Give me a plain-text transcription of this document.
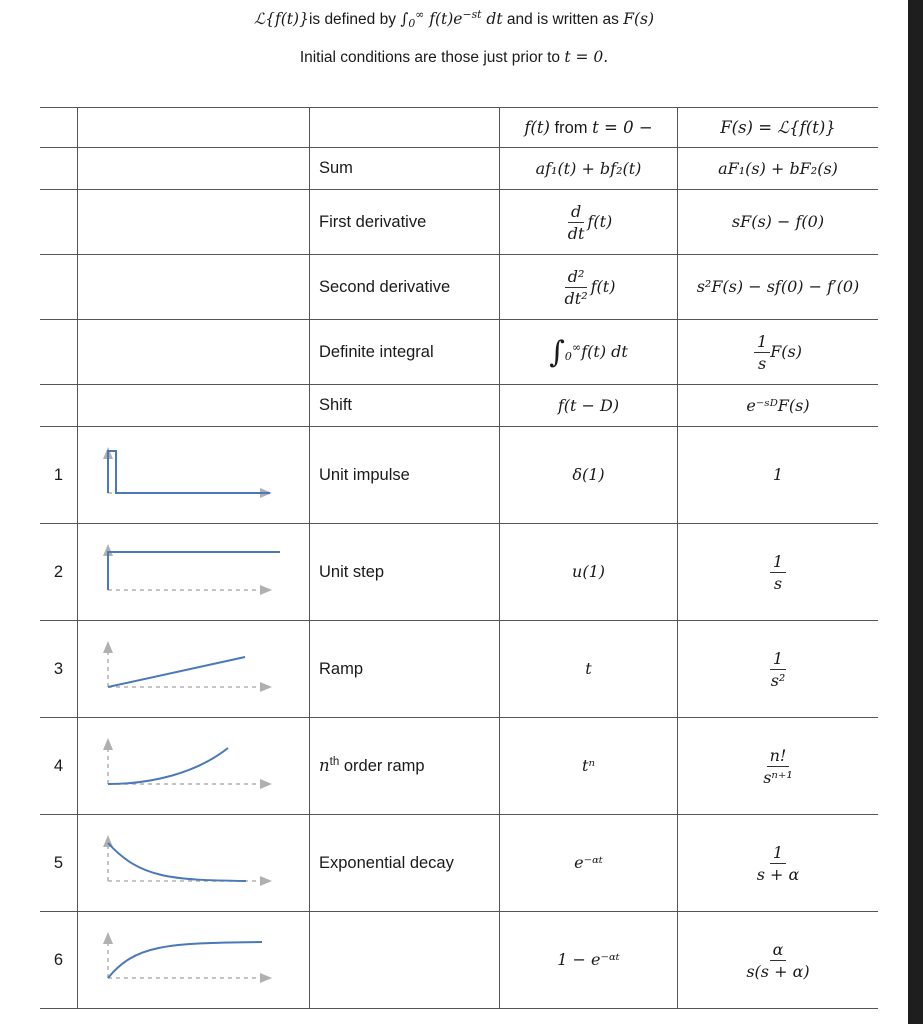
ℒ{f(t)}is defined by $\int_0^\infty$ $f(t)e^{-st}$ dt and is written as F(s)
Initial conditions are those just prior to t = 0.
			f(t) from t = 0 −	F(s) = ℒ{f(t)}
		Sum	af₁(t) + bf₂(t)	aF₁(s) + bF₂(s)
		First derivative	$\frac{d}{dt} f(t)$	sF(s) − f(0)
		Second derivative	$\frac{\text{d²}}{\text{dt²}} f(t)$	s²F(s) − sf(0) − f′(0)
		Definite integral	$\int_0^\infty f(t)$ dt	$\frac{1}{s} F(s)$
		Shift	f(t − D)	e⁻ˢᴰF(s)
1		Unit impulse	δ(1)	1
2		Unit step	u(1)	$\frac{1}{s}$

3		Ramp	t	$\frac{1}{\text{s²}}$

4		$n^{th}$ order ramp	tⁿ	$\frac{n!}{\text{sⁿ⁺¹}}$

5		Exponential decay	e⁻ᵅᵗ	$\frac{1}{s + \alpha}$

6			1 − e⁻ᵅᵗ	$\frac{\alpha}{s(s + \alpha)}$
